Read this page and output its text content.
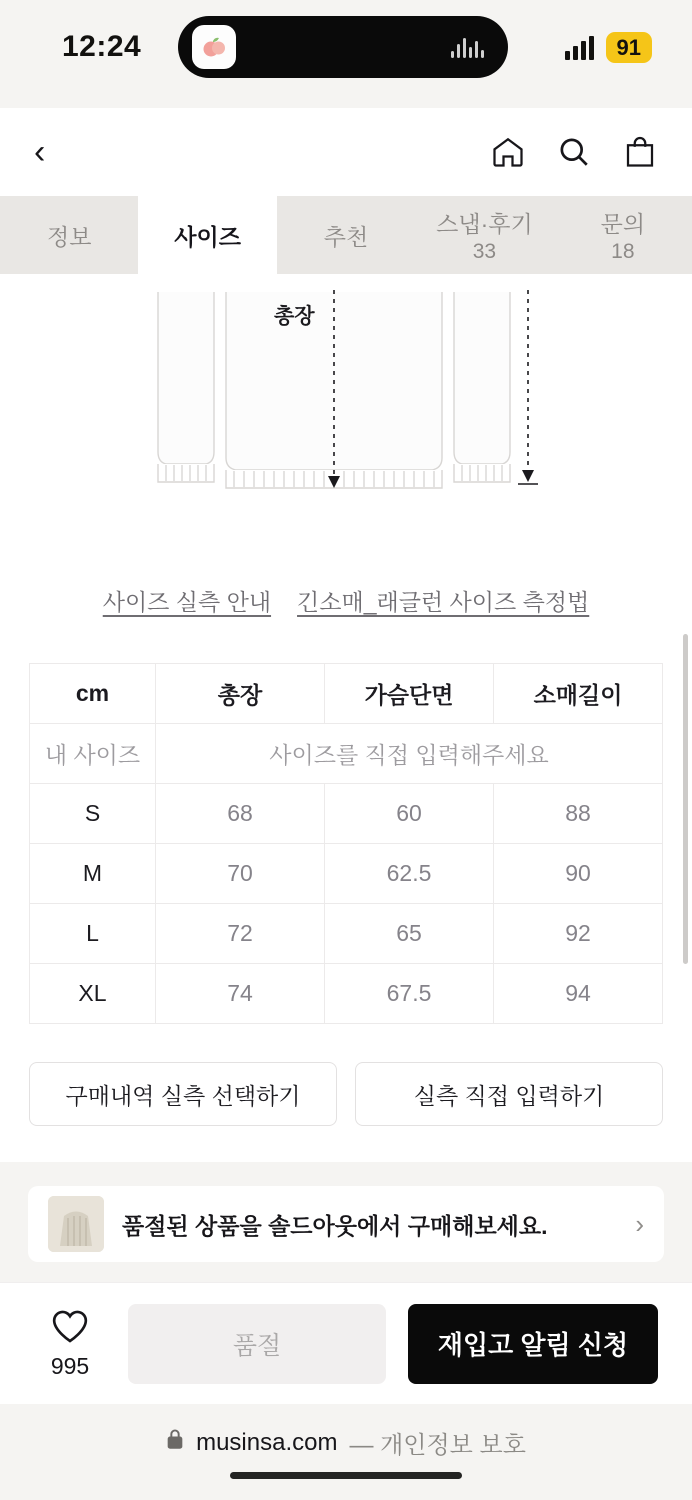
12:24	91
‹
정보	사이즈	추천	스냅·후기
33
문의
18
총장
사이즈 실측 안내 긴소매_래글런 사이즈 측정법
cm	총장	가슴단면	소매길이
내 사이즈	사이즈를 직접 입력해주세요		
S	68	60	88
M	70	62.5	90
L	72	65	92
XL	74	67.5	94
구매내역 실측 선택하기	실측 직접 입력하기
품절된 상품을 솔드아웃에서 구매해보세요.	›
995
품절	재입고 알림 신청
musinsa.com — 개인정보 보호
